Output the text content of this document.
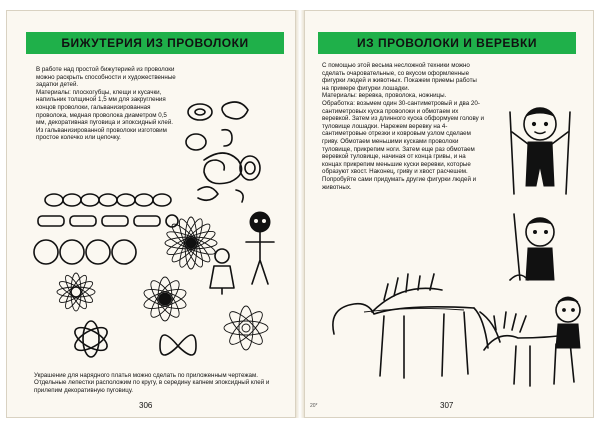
БИЖУТЕРИЯ ИЗ ПРОВОЛОКИ
В работе над простой бижутерией из проволоки можно раскрыть способности и художественные задатки детей.
Материалы: плоскогубцы, клещи и кусачки, напильник толщиной 1,5 мм для закругления концов проволоки, гальванизированная проволока, медная проволока диаметром 0,5 мм, декоративная пуговица и эпоксидный клей.
Из гальванизированной проволоки изготовим простое колечко или цепочку.
Украшение для нарядного платья можно сделать по приложенным чертежам. Отдельные лепестки расположим по кругу, в середину капнем эпоксидный клей и прилепим декоративную пуговицу.
306
ИЗ ПРОВОЛОКИ И ВЕРЕВКИ
С помощью этой весьма несложной техники можно сделать очаровательные, со вкусом оформленные фигурки людей и животных. Покажем приемы работы на примере фигурки лошадки.
Материалы: веревка, проволока, ножницы.
Обработка: возьмем один 30-сантиметровый и два 20-сантиметровых куска проволоки и обмотаем их веревкой. Затем из длинного куска обформуем голову и туловище лошадки. Нарежем веревку на 4-сантиметровые отрезки и ковровым узлом сделаем гриву. Обмотаем меньшими кусками проволоки туловище, прикрепим ноги. Затем еще раз обмотаем веревкой туловище, начиная от конца гривы, и на концах прикрепим меньшие куски веревки, которые образуют хвост. Наконец, гриву и хвост расчешем. Попробуйте сами придумать другие фигурки людей и животных.
20*	307
